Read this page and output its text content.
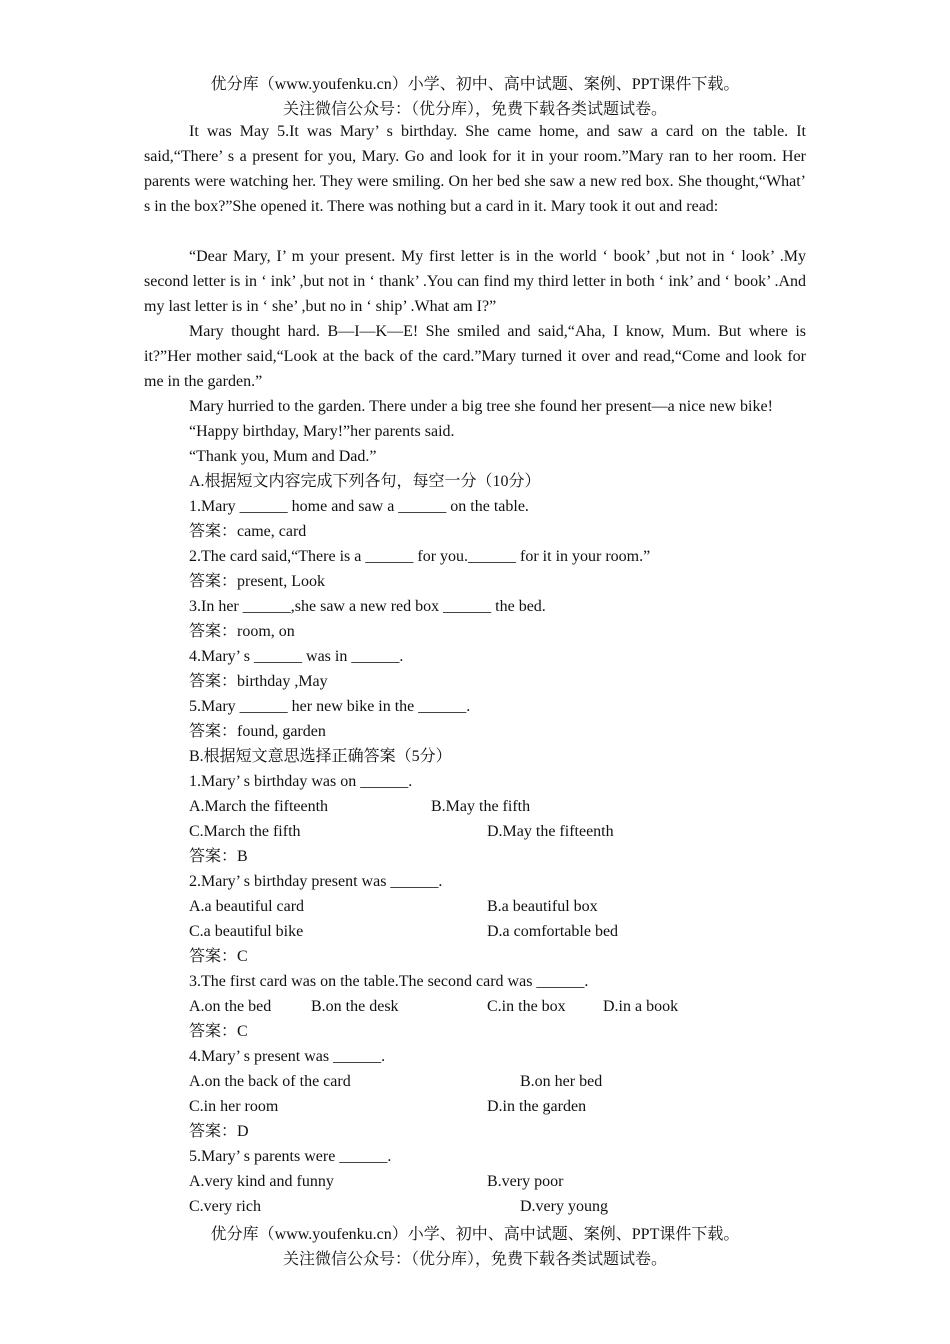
优分库（www.youfenku.cn）小学、初中、高中试题、案例、PPT课件下载。
关注微信公众号：（优分库），免费下载各类试题试卷。
It was May 5.It was Mary’ s birthday. She came home, and saw a card on the table. It said,“There’ s a present for you, Mary. Go and look for it in your room.”Mary ran to her room. Her parents were watching her. They were smiling. On her bed she saw a new red box. She thought,“What’ s in the box?”She opened it. There was nothing but a card in it. Mary took it out and read:
“Dear Mary, I’ m your present. My first letter is in the world ‘ book’ ,but not in ‘ look’ .My second letter is in ‘ ink’ ,but not in ‘ thank’ .You can find my third letter in both ‘ ink’ and ‘ book’ .And my last letter is in ‘ she’ ,but no in ‘ ship’ .What am I?”
Mary thought hard. B—I—K—E! She smiled and said,“Aha, I know, Mum. But where is it?”Her mother said,“Look at the back of the card.”Mary turned it over and read,“Come and look for me in the garden.”
Mary hurried to the garden. There under a big tree she found her present—a nice new bike!
“Happy birthday, Mary!”her parents said.
“Thank you, Mum and Dad.”
A.根据短文内容完成下列各句，每空一分（10分）
1.Mary ______ home and saw a ______ on the table.
答案：came, card
2.The card said,“There is a ______ for you.______ for it in your room.”
答案：present, Look
3.In her ______,she saw a new red box ______ the bed.
答案：room, on
4.Mary’ s ______ was in ______.
答案：birthday ,May
5.Mary ______ her new bike in the ______.
答案：found, garden
B.根据短文意思选择正确答案（5分）
1.Mary’ s birthday was on ______.
A.March the fifteenth	B.May the fifth
C.March the fifth	D.May the fifteenth
答案：B
2.Mary’ s birthday present was ______.
A.a beautiful card	B.a beautiful box
C.a beautiful bike	D.a comfortable bed
答案：C
3.The first card was on the table.The second card was ______.
A.on the bed B.on the desk	C.in the box D.in a book
答案：C
4.Mary’ s present was ______.
A.on the back of the card	B.on her bed
C.in her room	D.in the garden
答案：D
5.Mary’ s parents were ______.
A.very kind and funny	B.very poor
C.very rich	D.very young
优分库（www.youfenku.cn）小学、初中、高中试题、案例、PPT课件下载。
关注微信公众号：（优分库），免费下载各类试题试卷。
